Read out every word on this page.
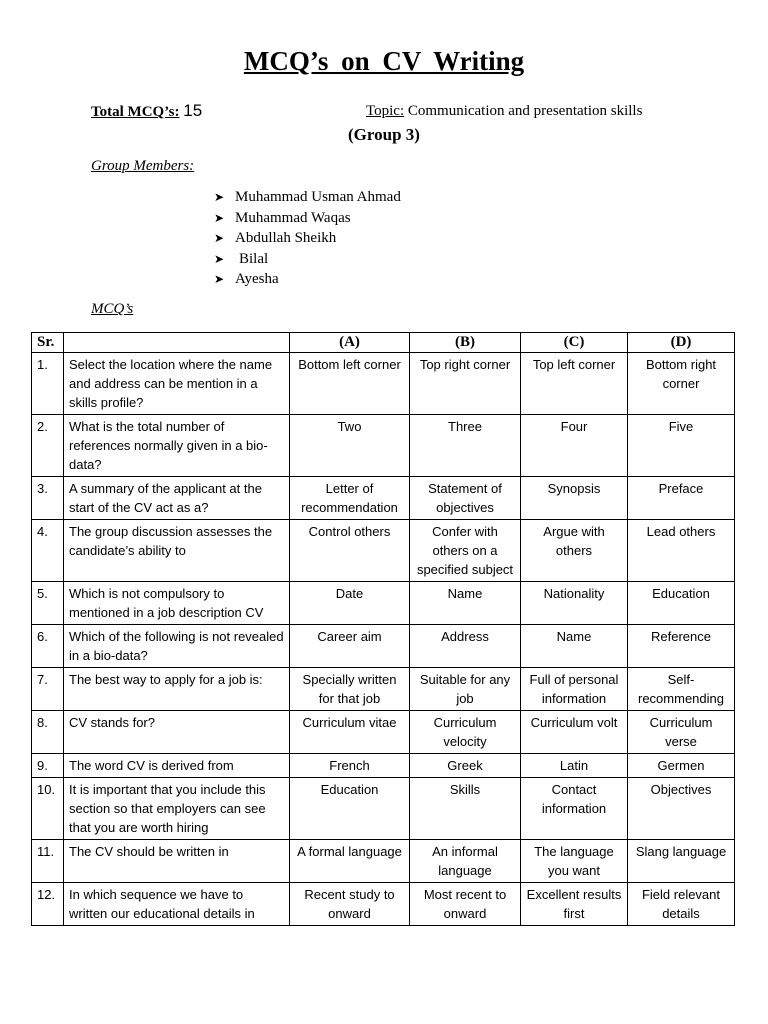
MCQ’s on CV Writing
Total MCQ’s: 15	Topic: Communication and presentation skills
(Group 3)
Group Members:
➤ Muhammad Usman Ahmad
➤ Muhammad Waqas
➤ Abdullah Sheikh
➤ Bilal
➤ Ayesha
MCQ’s
Sr.		(A)	(B)	(C)	(D)
1.	Select the location where the name and address can be mention in a skills profile?	Bottom left corner	Top right corner	Top left corner	Bottom right corner
2.	What is the total number of references normally given in a bio-data?	Two	Three	Four	Five
3.	A summary of the applicant at the start of the CV act as a?	Letter of recommendation	Statement of objectives	Synopsis	Preface
4.	The group discussion assesses the candidate’s ability to	Control others	Confer with others on a specified subject	Argue with others	Lead others
5.	Which is not compulsory to mentioned in a job description CV	Date	Name	Nationality	Education
6.	Which of the following is not revealed in a bio-data?	Career aim	Address	Name	Reference
7.	The best way to apply for a job is:	Specially written for that job	Suitable for any job	Full of personal information	Self-recommending
8.	CV stands for?	Curriculum vitae	Curriculum velocity	Curriculum volt	Curriculum verse
9.	The word CV is derived from	French	Greek	Latin	Germen
10.	It is important that you include this section so that employers can see that you are worth hiring	Education	Skills	Contact information	Objectives
11.	The CV should be written in	A formal language	An informal language	The language you want	Slang language
12.	In which sequence we have to written our educational details in	Recent study to onward	Most recent to onward	Excellent results first	Field relevant details
